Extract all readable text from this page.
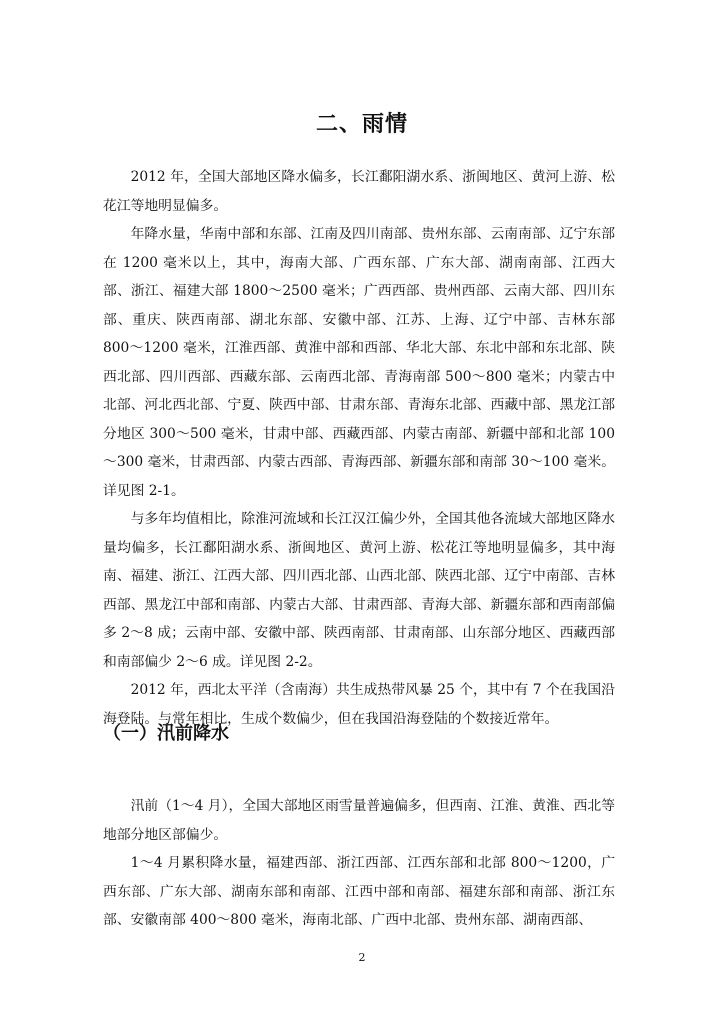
二、雨情

2012 年，全国大部地区降水偏多，长江鄱阳湖水系、浙闽地区、黄河上游、松花江等地明显偏多。

年降水量，华南中部和东部、江南及四川南部、贵州东部、云南南部、辽宁东部在 1200 毫米以上，其中，海南大部、广西东部、广东大部、湖南南部、江西大部、浙江、福建大部 1800～2500 毫米；广西西部、贵州西部、云南大部、四川东部、重庆、陕西南部、湖北东部、安徽中部、江苏、上海、辽宁中部、吉林东部 800～1200 毫米，江淮西部、黄淮中部和西部、华北大部、东北中部和东北部、陕西北部、四川西部、西藏东部、云南西北部、青海南部 500～800 毫米；内蒙古中北部、河北西北部、宁夏、陕西中部、甘肃东部、青海东北部、西藏中部、黑龙江部分地区 300～500 毫米，甘肃中部、西藏西部、内蒙古南部、新疆中部和北部 100～300 毫米，甘肃西部、内蒙古西部、青海西部、新疆东部和南部 30～100 毫米。详见图 2-1。

与多年均值相比，除淮河流域和长江汉江偏少外，全国其他各流域大部地区降水量均偏多，长江鄱阳湖水系、浙闽地区、黄河上游、松花江等地明显偏多，其中海南、福建、浙江、江西大部、四川西北部、山西北部、陕西北部、辽宁中南部、吉林西部、黑龙江中部和南部、内蒙古大部、甘肃西部、青海大部、新疆东部和西南部偏多 2～8 成；云南中部、安徽中部、陕西南部、甘肃南部、山东部分地区、西藏西部和南部偏少 2～6 成。详见图 2-2。

2012 年，西北太平洋（含南海）共生成热带风暴 25 个，其中有 7 个在我国沿海登陆。与常年相比，生成个数偏少，但在我国沿海登陆的个数接近常年。

（一）汛前降水

汛前（1～4 月），全国大部地区雨雪量普遍偏多，但西南、江淮、黄淮、西北等地部分地区部偏少。

1～4 月累积降水量，福建西部、浙江西部、江西东部和北部 800～1200，广西东部、广东大部、湖南东部和南部、江西中部和南部、福建东部和南部、浙江东部、安徽南部 400～800 毫米，海南北部、广西中北部、贵州东部、湖南西部、

2
